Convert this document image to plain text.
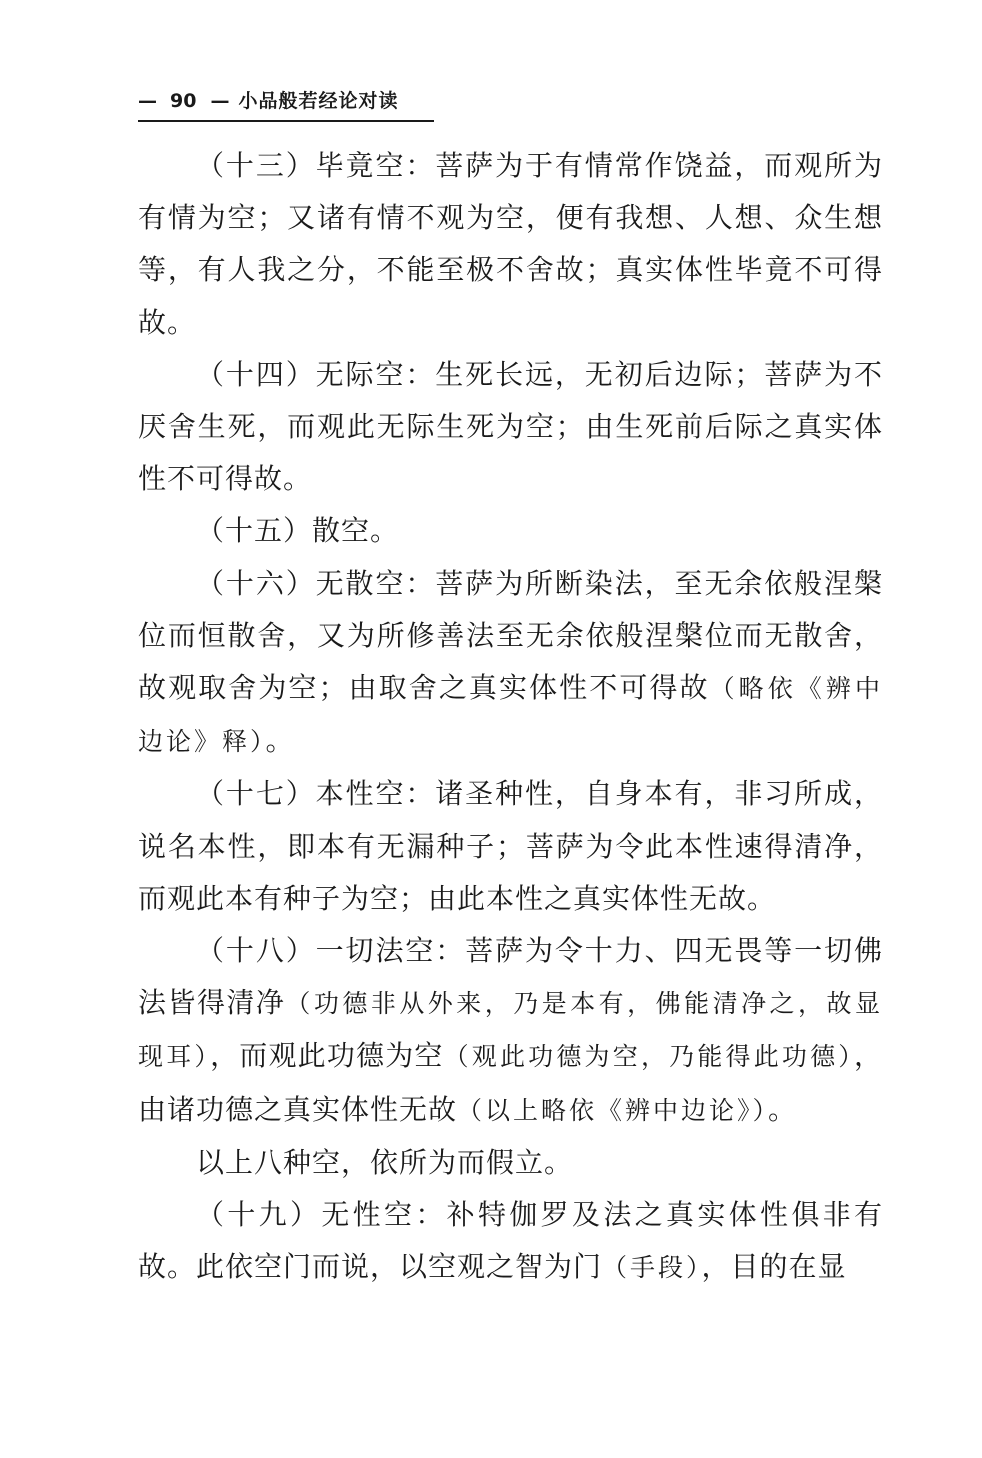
— 90 — 小品般若经论对读

（十三）毕竟空：菩萨为于有情常作饶益，而观所为有情为空；又诸有情不观为空，便有我想、人想、众生想等，有人我之分，不能至极不舍故；真实体性毕竟不可得故。

（十四）无际空：生死长远，无初后边际；菩萨为不厌舍生死，而观此无际生死为空；由生死前后际之真实体性不可得故。

（十五）散空。

（十六）无散空：菩萨为所断染法，至无余依般涅槃位而恒散舍，又为所修善法至无余依般涅槃位而无散舍，故观取舍为空；由取舍之真实体性不可得故（略依《辨中边论》释）。

（十七）本性空：诸圣种性，自身本有，非习所成，说名本性，即本有无漏种子；菩萨为令此本性速得清净，而观此本有种子为空；由此本性之真实体性无故。

（十八）一切法空：菩萨为令十力、四无畏等一切佛法皆得清净（功德非从外来，乃是本有，佛能清净之，故显现耳），而观此功德为空（观此功德为空，乃能得此功德），由诸功德之真实体性无故（以上略依《辨中边论》）。

以上八种空，依所为而假立。

（十九）无性空：补特伽罗及法之真实体性俱非有故。此依空门而说，以空观之智为门（手段），目的在显
